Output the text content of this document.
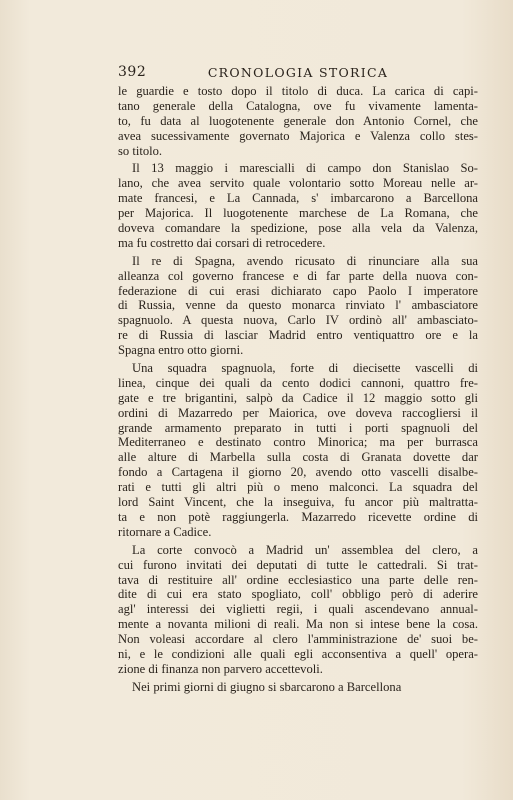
392	CRONOLOGIA STORICA

le guardie e tosto dopo il titolo di duca. La carica di capi-
tano generale della Catalogna, ove fu vivamente lamenta-
to, fu data al luogotenente generale don Antonio Cornel, che
avea sucessivamente governato Majorica e Valenza collo stes-
so titolo.

Il 13 maggio i marescialli di campo don Stanislao So-
lano, che avea servito quale volontario sotto Moreau nelle ar-
mate francesi, e La Cannada, s' imbarcarono a Barcellona
per Majorica. Il luogotenente marchese de La Romana, che
doveva comandare la spedizione, pose alla vela da Valenza,
ma fu costretto dai corsari di retrocedere.

Il re di Spagna, avendo ricusato di rinunciare alla sua
alleanza col governo francese e di far parte della nuova con-
federazione di cui erasi dichiarato capo Paolo I imperatore
di Russia, venne da questo monarca rinviato l' ambasciatore
spagnuolo. A questa nuova, Carlo IV ordinò all' ambasciato-
re di Russia di lasciar Madrid entro ventiquattro ore e la
Spagna entro otto giorni.

Una squadra spagnuola, forte di diecisette vascelli di
linea, cinque dei quali da cento dodici cannoni, quattro fre-
gate e tre brigantini, salpò da Cadice il 12 maggio sotto gli
ordini di Mazarredo per Maiorica, ove doveva raccogliersi il
grande armamento preparato in tutti i porti spagnuoli del
Mediterraneo e destinato contro Minorica; ma per burrasca
alle alture di Marbella sulla costa di Granata dovette dar
fondo a Cartagena il giorno 20, avendo otto vascelli disalbe-
rati e tutti gli altri più o meno malconci. La squadra del
lord Saint Vincent, che la inseguiva, fu ancor più maltratta-
ta e non potè raggiungerla. Mazarredo ricevette ordine di
ritornare a Cadice.

La corte convocò a Madrid un' assemblea del clero, a
cui furono invitati dei deputati di tutte le cattedrali. Si trat-
tava di restituire all' ordine ecclesiastico una parte delle ren-
dite di cui era stato spogliato, coll' obbligo però di aderire
agl' interessi dei viglietti regii, i quali ascendevano annual-
mente a novanta milioni di reali. Ma non si intese bene la cosa.
Non voleasi accordare al clero l'amministrazione de' suoi be-
ni, e le condizioni alle quali egli acconsentiva a quell' opera-
zione di finanza non parvero accettevoli.

Nei primi giorni di giugno si sbarcarono a Barcellona
